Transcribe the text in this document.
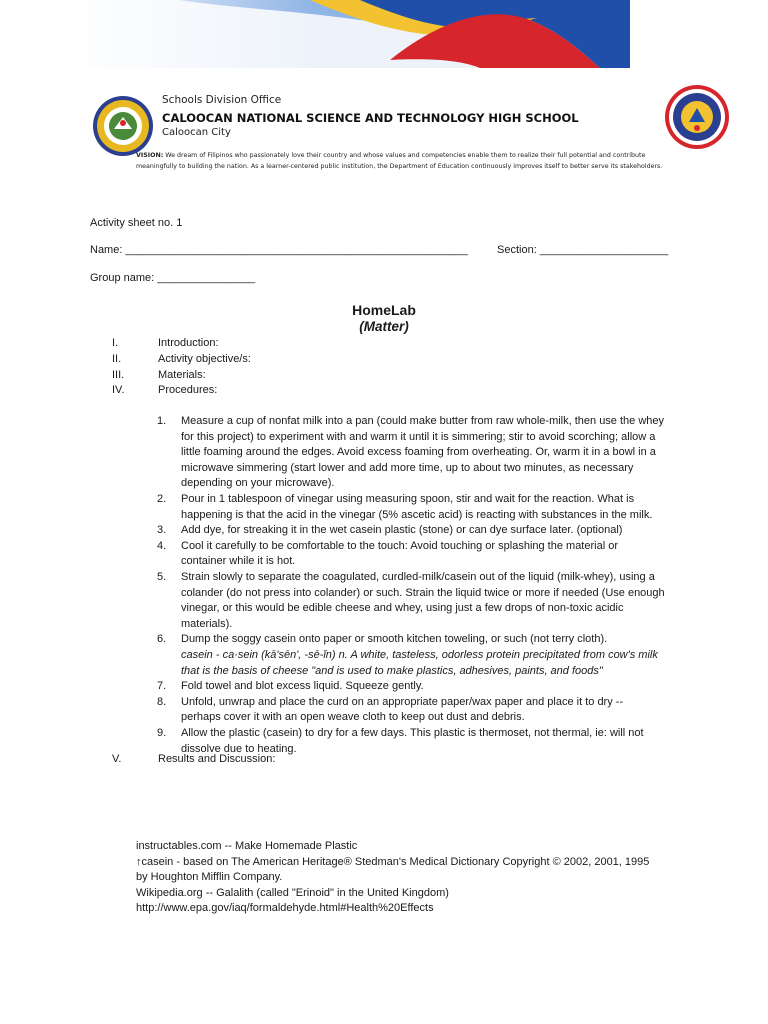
Schools Division Office
CALOOCAN NATIONAL SCIENCE AND TECHNOLOGY HIGH SCHOOL
Caloocan City
VISION: We dream of Filipinos who passionately love their country and whose values and competencies enable them to realize their full potential and contribute meaningfully to building the nation. As a learner-centered public institution, the Department of Education continuously improves itself to better serve its stakeholders.
Activity sheet no. 1
Name: ________________________________________________________	Section: _____________________
Group name: ________________
HomeLab
(Matter)
I.	Introduction:
II.	Activity objective/s:
III.	Materials:
IV.	Procedures:
1. Measure a cup of nonfat milk into a pan (could make butter from raw whole-milk, then use the whey
for this project) to experiment with and warm it until it is simmering; stir to avoid scorching; allow a
little foaming around the edges. Avoid excess foaming from overheating. Or, warm it in a bowl in a
microwave simmering (start lower and add more time, up to about two minutes, as necessary
depending on your microwave).
2. Pour in 1 tablespoon of vinegar using measuring spoon, stir and wait for the reaction. What is
happening is that the acid in the vinegar (5% ascetic acid) is reacting with substances in the milk.
3. Add dye, for streaking it in the wet casein plastic (stone) or can dye surface later. (optional)
4. Cool it carefully to be comfortable to the touch: Avoid touching or splashing the material or
container while it is hot.
5. Strain slowly to separate the coagulated, curdled-milk/casein out of the liquid (milk-whey), using a
colander (do not press into colander) or such. Strain the liquid twice or more if needed (Use enough
vinegar, or this would be edible cheese and whey, using just a few drops of non-toxic acidic
materials).
6. Dump the soggy casein onto paper or smooth kitchen toweling, or such (not terry cloth).
casein - ca·sein (kā'sēn', -sē-ĭn) n. A white, tasteless, odorless protein precipitated from cow's milk
that is the basis of cheese "and is used to make plastics, adhesives, paints, and foods"
7. Fold towel and blot excess liquid. Squeeze gently.
8. Unfold, unwrap and place the curd on an appropriate paper/wax paper and place it to dry --
perhaps cover it with an open weave cloth to keep out dust and debris.
9. Allow the plastic (casein) to dry for a few days. This plastic is thermoset, not thermal, ie: will not
dissolve due to heating.
V.	Results and Discussion:
instructables.com -- Make Homemade Plastic
↑casein - based on The American Heritage® Stedman's Medical Dictionary Copyright © 2002, 2001, 1995
by Houghton Mifflin Company.
Wikipedia.org -- Galalith (called "Erinoid" in the United Kingdom)
http://www.epa.gov/iaq/formaldehyde.html#Health%20Effects
